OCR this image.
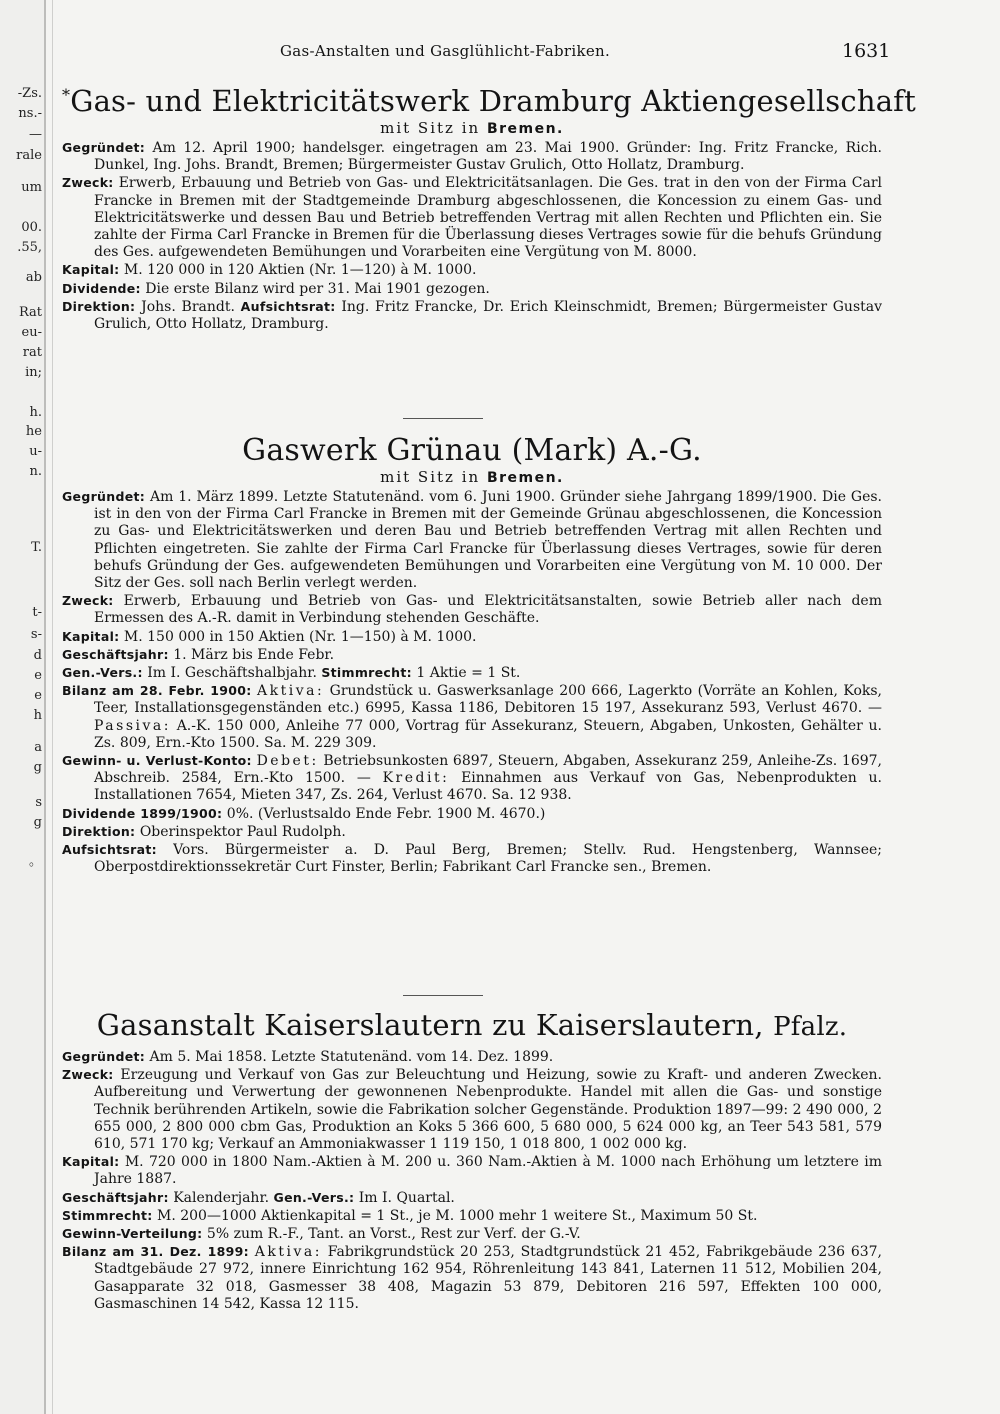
-Zs.
ns.-
—
rale
um
00.
.55,
ab
Rat
eu-
rat
in;
h.
he
u-
n.
T.
t-
s-
d
e
e
h
a
g
s
g
。
Gas-Anstalten und Gasglühlicht-Fabriken.	1631
*Gas- und Elektricitätswerk Dramburg Aktiengesellschaft
mit Sitz in Bremen.

Gegründet: Am 12. April 1900; handelsger. eingetragen am 23. Mai 1900. Gründer: Ing. Fritz Francke, Rich. Dunkel, Ing. Johs. Brandt, Bremen; Bürgermeister Gustav Grulich, Otto Hollatz, Dramburg.

Zweck: Erwerb, Erbauung und Betrieb von Gas- und Elektricitätsanlagen. Die Ges. trat in den von der Firma Carl Francke in Bremen mit der Stadtgemeinde Dramburg abgeschlossenen, die Koncession zu einem Gas- und Elektricitätswerke und dessen Bau und Betrieb betreffenden Vertrag mit allen Rechten und Pflichten ein. Sie zahlte der Firma Carl Francke in Bremen für die Überlassung dieses Vertrages sowie für die behufs Gründung des Ges. aufgewendeten Bemühungen und Vorarbeiten eine Vergütung von M. 8000.

Kapital: M. 120 000 in 120 Aktien (Nr. 1—120) à M. 1000.

Dividende: Die erste Bilanz wird per 31. Mai 1901 gezogen.

Direktion: Johs. Brandt. Aufsichtsrat: Ing. Fritz Francke, Dr. Erich Kleinschmidt, Bremen; Bürgermeister Gustav Grulich, Otto Hollatz, Dramburg.

Gaswerk Grünau (Mark) A.-G.
mit Sitz in Bremen.

Gegründet: Am 1. März 1899. Letzte Statutenänd. vom 6. Juni 1900. Gründer siehe Jahrgang 1899/1900. Die Ges. ist in den von der Firma Carl Francke in Bremen mit der Gemeinde Grünau abgeschlossenen, die Koncession zu Gas- und Elektricitätswerken und deren Bau und Betrieb betreffenden Vertrag mit allen Rechten und Pflichten eingetreten. Sie zahlte der Firma Carl Francke für Überlassung dieses Vertrages, sowie für deren behufs Gründung der Ges. aufgewendeten Bemühungen und Vorarbeiten eine Vergütung von M. 10 000. Der Sitz der Ges. soll nach Berlin verlegt werden.

Zweck: Erwerb, Erbauung und Betrieb von Gas- und Elektricitätsanstalten, sowie Betrieb aller nach dem Ermessen des A.-R. damit in Verbindung stehenden Geschäfte.

Kapital: M. 150 000 in 150 Aktien (Nr. 1—150) à M. 1000.

Geschäftsjahr: 1. März bis Ende Febr.

Gen.-Vers.: Im I. Geschäftshalbjahr. Stimmrecht: 1 Aktie = 1 St.

Bilanz am 28. Febr. 1900: Aktiva: Grundstück u. Gaswerksanlage 200 666, Lagerkto (Vorräte an Kohlen, Koks, Teer, Installationsgegenständen etc.) 6995, Kassa 1186, Debitoren 15 197, Assekuranz 593, Verlust 4670. — Passiva: A.-K. 150 000, Anleihe 77 000, Vortrag für Assekuranz, Steuern, Abgaben, Unkosten, Gehälter u. Zs. 809, Ern.-Kto 1500. Sa. M. 229 309.

Gewinn- u. Verlust-Konto: Debet: Betriebsunkosten 6897, Steuern, Abgaben, Assekuranz 259, Anleihe-Zs. 1697, Abschreib. 2584, Ern.-Kto 1500. — Kredit: Einnahmen aus Verkauf von Gas, Nebenprodukten u. Installationen 7654, Mieten 347, Zs. 264, Verlust 4670. Sa. 12 938.

Dividende 1899/1900: 0%. (Verlustsaldo Ende Febr. 1900 M. 4670.)

Direktion: Oberinspektor Paul Rudolph.

Aufsichtsrat: Vors. Bürgermeister a. D. Paul Berg, Bremen; Stellv. Rud. Hengstenberg, Wannsee; Oberpostdirektionssekretär Curt Finster, Berlin; Fabrikant Carl Francke sen., Bremen.

Gasanstalt Kaiserslautern zu Kaiserslautern, Pfalz.

Gegründet: Am 5. Mai 1858. Letzte Statutenänd. vom 14. Dez. 1899.

Zweck: Erzeugung und Verkauf von Gas zur Beleuchtung und Heizung, sowie zu Kraft- und anderen Zwecken. Aufbereitung und Verwertung der gewonnenen Nebenprodukte. Handel mit allen die Gas- und sonstige Technik berührenden Artikeln, sowie die Fabrikation solcher Gegenstände. Produktion 1897—99: 2 490 000, 2 655 000, 2 800 000 cbm Gas, Produktion an Koks 5 366 600, 5 680 000, 5 624 000 kg, an Teer 543 581, 579 610, 571 170 kg; Verkauf an Ammoniakwasser 1 119 150, 1 018 800, 1 002 000 kg.

Kapital: M. 720 000 in 1800 Nam.-Aktien à M. 200 u. 360 Nam.-Aktien à M. 1000 nach Erhöhung um letztere im Jahre 1887.

Geschäftsjahr: Kalenderjahr. Gen.-Vers.: Im I. Quartal.

Stimmrecht: M. 200—1000 Aktienkapital = 1 St., je M. 1000 mehr 1 weitere St., Maximum 50 St.

Gewinn-Verteilung: 5% zum R.-F., Tant. an Vorst., Rest zur Verf. der G.-V.

Bilanz am 31. Dez. 1899: Aktiva: Fabrikgrundstück 20 253, Stadtgrundstück 21 452, Fabrikgebäude 236 637, Stadtgebäude 27 972, innere Einrichtung 162 954, Röhrenleitung 143 841, Laternen 11 512, Mobilien 204, Gasapparate 32 018, Gasmesser 38 408, Magazin 53 879, Debitoren 216 597, Effekten 100 000, Gasmaschinen 14 542, Kassa 12 115.
